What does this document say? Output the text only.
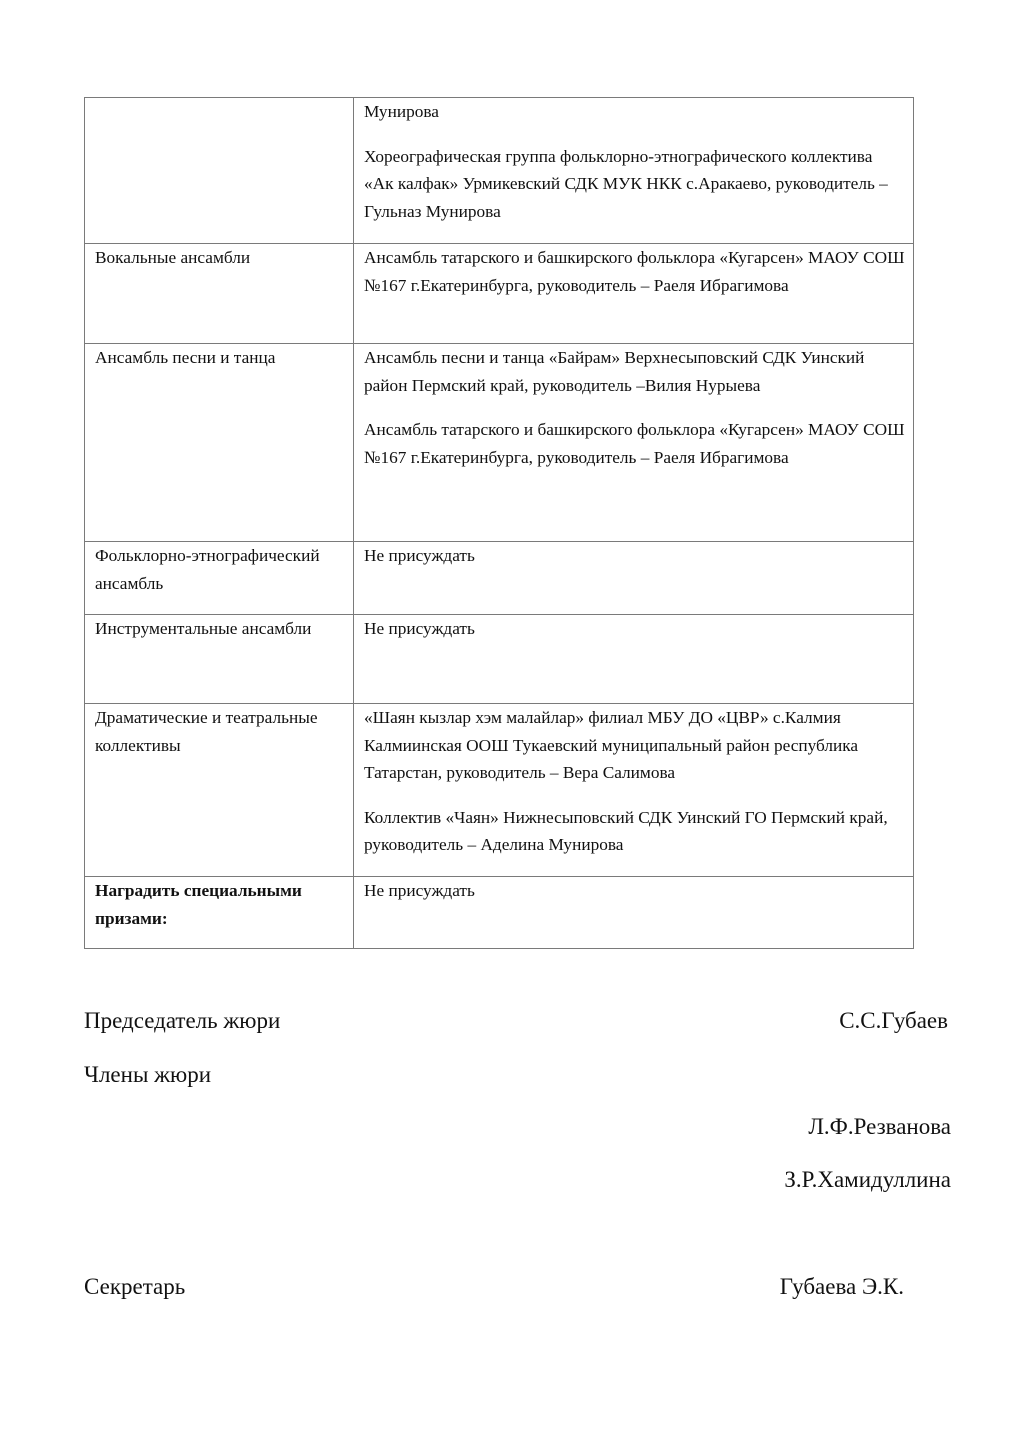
	Мунирова

Хореографическая группа фольклорно-этнографического коллектива «Ак калфак» Урмикевский СДК МУК НКК с.Аракаево, руководитель – Гульназ Мунирова

Вокальные ансамбли	Ансамбль татарского и башкирского фольклора «Кугарсен» МАОУ СОШ №167 г.Екатеринбурга, руководитель – Раеля Ибрагимова

Ансамбль песни и танца	Ансамбль песни и танца «Байрам» Верхнесыповский СДК Уинский район Пермский край, руководитель –Вилия Нурыева

Ансамбль татарского и башкирского фольклора «Кугарсен» МАОУ СОШ №167 г.Екатеринбурга, руководитель – Раеля Ибрагимова

Фольклорно-этнографический ансамбль	Не присуждать

Инструментальные ансамбли	Не присуждать

Драматические и театральные коллективы	«Шаян кызлар хэм малайлар» филиал МБУ ДО «ЦВР» с.Калмия Калмиинская ООШ Тукаевский муниципальный район республика Татарстан, руководитель – Вера Салимова

Коллектив «Чаян» Нижнесыповский СДК Уинский ГО Пермский край, руководитель – Аделина Мунирова

Наградить специальными призами:	Не присуждать

Председатель жюри	С.С.Губаев
Члены жюри
Л.Ф.Резванова
З.Р.Хамидуллина
Секретарь	Губаева Э.К.
